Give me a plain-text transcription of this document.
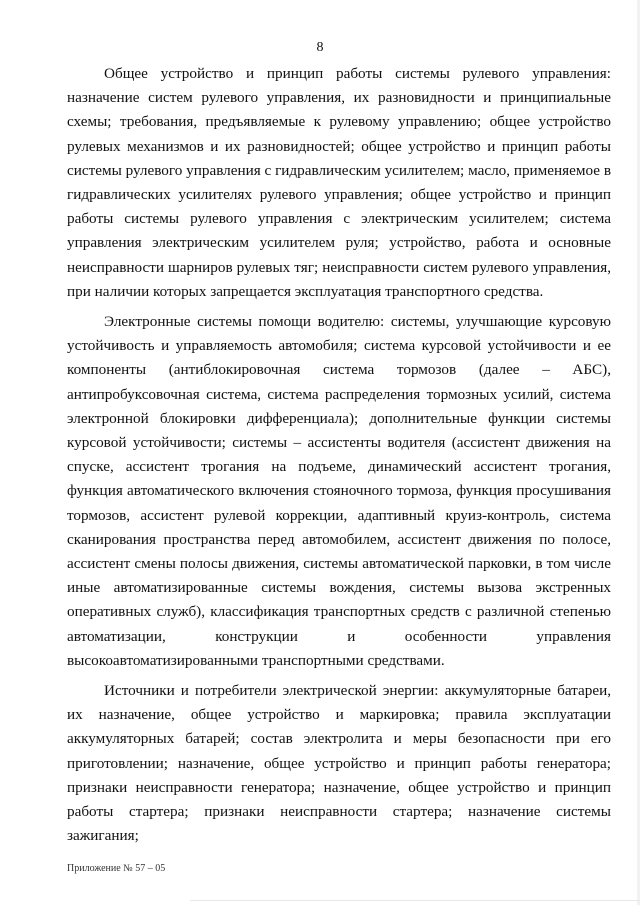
8

Общее устройство и принцип работы системы рулевого управления: назначение систем рулевого управления, их разновидности и принципиальные схемы; требования, предъявляемые к рулевому управлению; общее устройство рулевых механизмов и их разновидностей; общее устройство и принцип работы системы рулевого управления с гидравлическим усилителем; масло, применяемое в гидравлических усилителях рулевого управления; общее устройство и принцип работы системы рулевого управления с электрическим усилителем; система управления электрическим усилителем руля; устройство, работа и основные неисправности шарниров рулевых тяг; неисправности систем рулевого управления, при наличии которых запрещается эксплуатация транспортного средства.

Электронные системы помощи водителю: системы, улучшающие курсовую устойчивость и управляемость автомобиля; система курсовой устойчивости и ее компоненты (антиблокировочная система тормозов (далее – АБС), антипробуксовочная система, система распределения тормозных усилий, система электронной блокировки дифференциала); дополнительные функции системы курсовой устойчивости; системы – ассистенты водителя (ассистент движения на спуске, ассистент трогания на подъеме, динамический ассистент трогания, функция автоматического включения стояночного тормоза, функция просушивания тормозов, ассистент рулевой коррекции, адаптивный круиз-контроль, система сканирования пространства перед автомобилем, ассистент движения по полосе, ассистент смены полосы движения, системы автоматической парковки, в том числе иные автоматизированные системы вождения, системы вызова экстренных оперативных служб), классификация транспортных средств с различной степенью автоматизации, конструкции и особенности управления высокоавтоматизированными транспортными средствами.

Источники и потребители электрической энергии: аккумуляторные батареи, их назначение, общее устройство и маркировка; правила эксплуатации аккумуляторных батарей; состав электролита и меры безопасности при его приготовлении; назначение, общее устройство и принцип работы генератора; признаки неисправности генератора; назначение, общее устройство и принцип работы стартера; признаки неисправности стартера; назначение системы зажигания;

Приложение № 57 – 05
